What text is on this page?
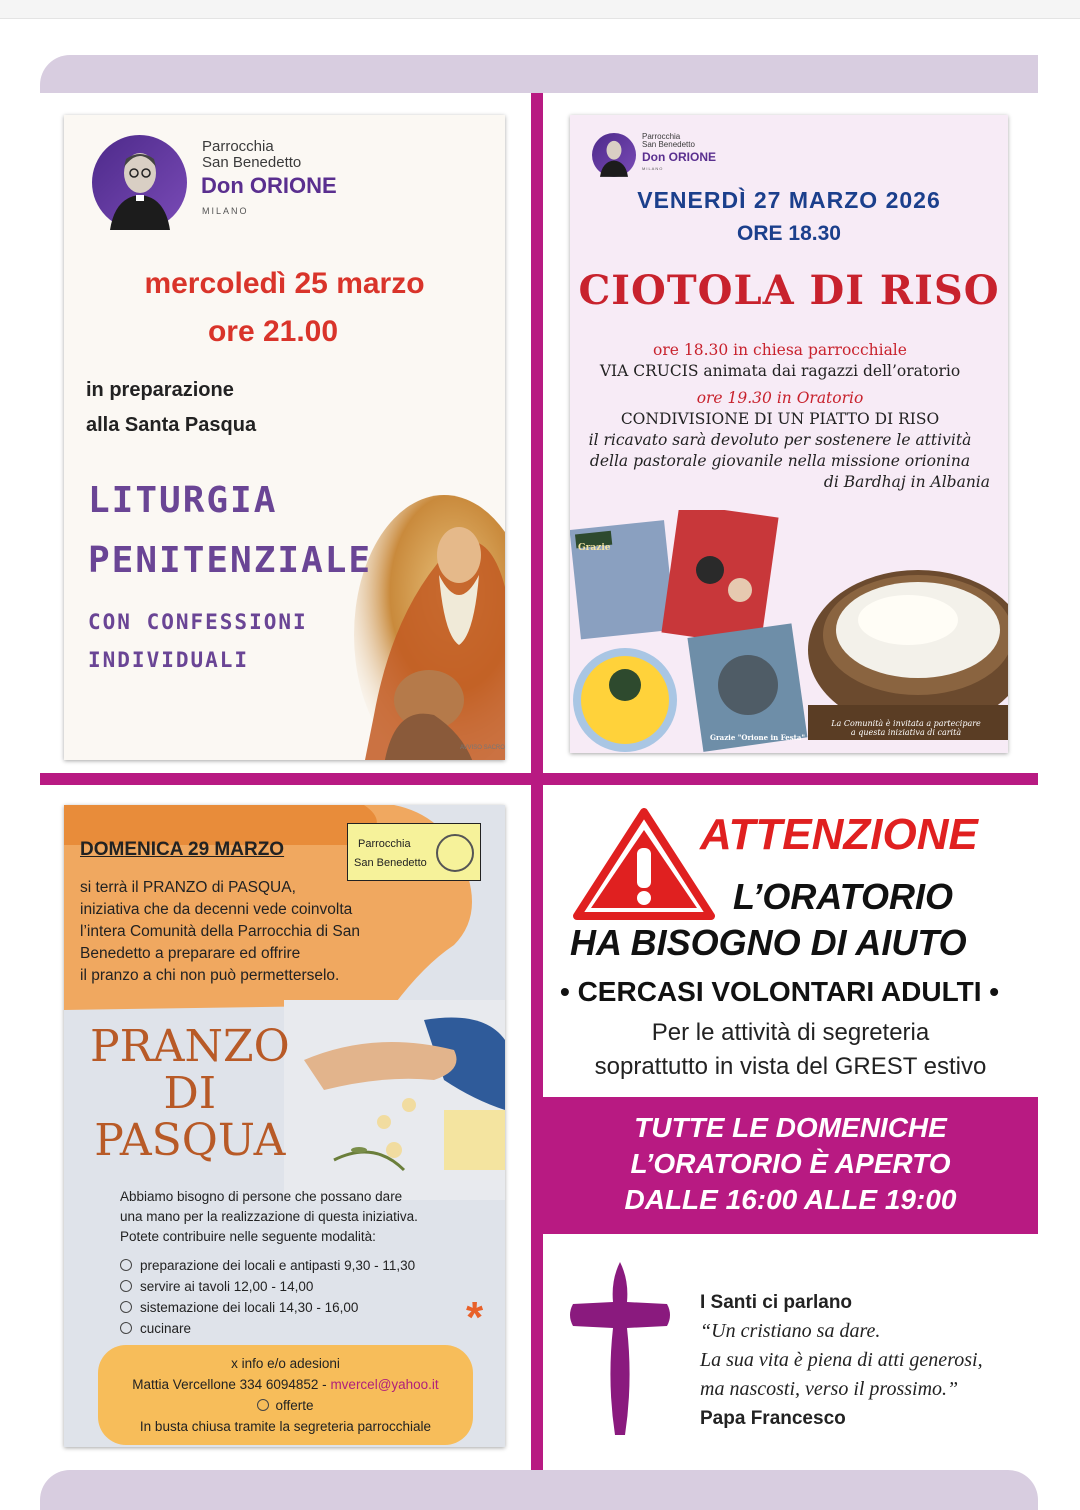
Parrocchia
San Benedetto
Don ORIONE
MILANO
mercoledì 25 marzo
ore 21.00
in preparazione
alla Santa Pasqua
LITURGIA
PENITENZIALE
CON CONFESSIONI
INDIVIDUALI
AVVISO SACRO
Parrocchia
San Benedetto
Don ORIONE
MILANO
VENERDÌ 27 MARZO 2026
ORE 18.30
CIOTOLA DI RISO
ore 18.30 in chiesa parrocchiale
VIA CRUCIS animata dai ragazzi dell’oratorio
ore 19.30 in Oratorio
CONDIVISIONE DI UN PIATTO DI RISO
il ricavato sarà devoluto per sostenere le attività
della pastorale giovanile nella missione orionina
di Bardhaj in Albania
Grazie
Grazie "Orione in Festa"
La Comunità è invitata a partecipare
a questa iniziativa di carità
DOMENICA 29 MARZO	Parrocchia
San Benedetto
si terrà il PRANZO di PASQUA,
iniziativa che da decenni vede coinvolta
l’intera Comunità della Parrocchia di San
Benedetto a preparare ed offrire
il pranzo a chi non può permetterselo.
PRANZO
DI
PASQUA
Abbiamo bisogno di persone che possano dare
una mano per la realizzazione di questa iniziativa.
Potete contribuire nelle seguente modalità:
preparazione dei locali e antipasti 9,30 - 11,30
servire ai tavoli 12,00 - 14,00
sistemazione dei locali 14,30 - 16,00
cucinare	*
x info e/o adesioni
Mattia Vercellone 334 6094852 - mvercel@yahoo.it
offerte
In busta chiusa tramite la segreteria parrocchiale
ATTENZIONE
L’ORATORIO
HA BISOGNO DI AIUTO
• CERCASI VOLONTARI ADULTI •
Per le attività di segreteria
soprattutto in vista del GREST estivo
TUTTE LE DOMENICHE
L’ORATORIO È APERTO
DALLE 16:00 ALLE 19:00
I Santi ci parlano
“Un cristiano sa dare.
La sua vita è piena di atti generosi,
ma nascosti, verso il prossimo.”
Papa Francesco
